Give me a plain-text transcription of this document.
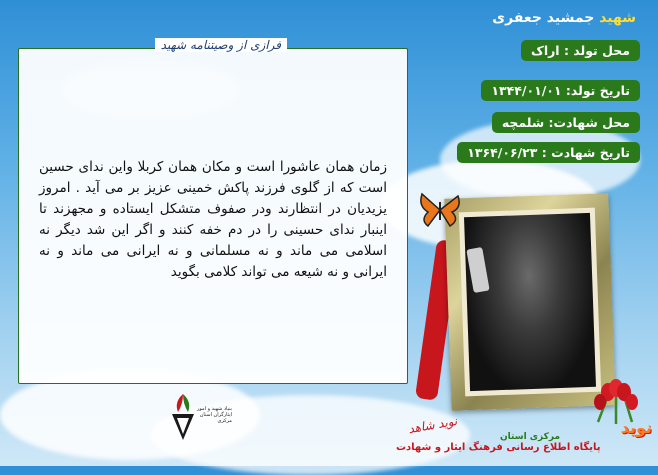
شهید جمشید جعفری
محل تولد : اراک
تاریخ تولد: ۱۳۴۴/۰۱/۰۱
محل شهادت: شلمچه
تاریخ شهادت : ۱۳۶۴/۰۶/۲۳
فرازی از وصیتنامه شهید
زمان همان عاشورا است و مکان همان کربلا واین ندای حسین است که از گلوی فرزند پاکش خمینی عزیز بر می آید . امروز یزیدیان در انتظارند ودر صفوف متشکل ایستاده و مجهزند تا اینبار ندای حسینی را در دم خفه کنند و اگر این شد دیگر نه اسلامی می ماند و نه مسلمانی و نه ایرانی می ماند و نه ایرانی و نه شیعه می تواند کلامی بگوید
بنیاد شهید و امور ایثارگران استان مرکزی	نوید شاهد
پایگاه اطلاع رسانی فرهنگ ایثار و شهادت
مرکزی استان	نوید
